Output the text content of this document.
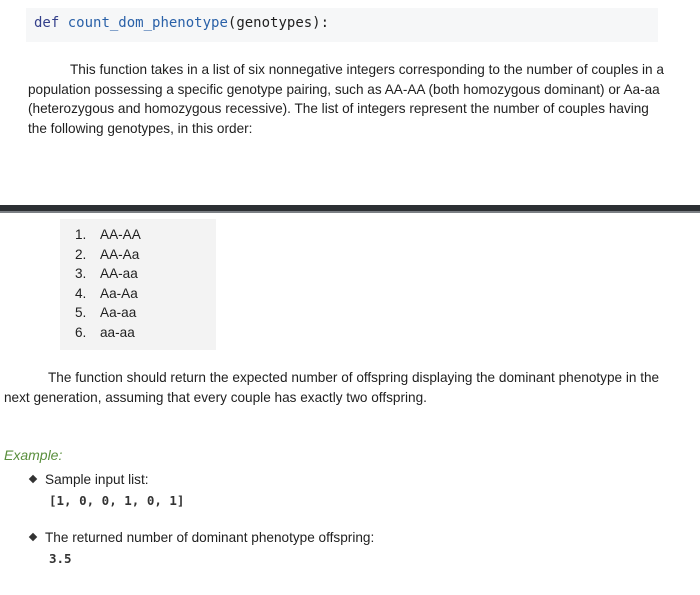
def count_dom_phenotype(genotypes):

This function takes in a list of six nonnegative integers corresponding to the number of couples in a population possessing a specific genotype pairing, such as AA-AA (both homozygous dominant) or Aa-aa (heterozygous and homozygous recessive). The list of integers represent the number of couples having the following genotypes, in this order:

1. AA-AA
2. AA-Aa
3. AA-aa
4. Aa-Aa
5. Aa-aa
6. aa-aa

The function should return the expected number of offspring displaying the dominant phenotype in the next generation, assuming that every couple has exactly two offspring.

Example:
Sample input list:
[1, 0, 0, 1, 0, 1]
The returned number of dominant phenotype offspring:
3.5
